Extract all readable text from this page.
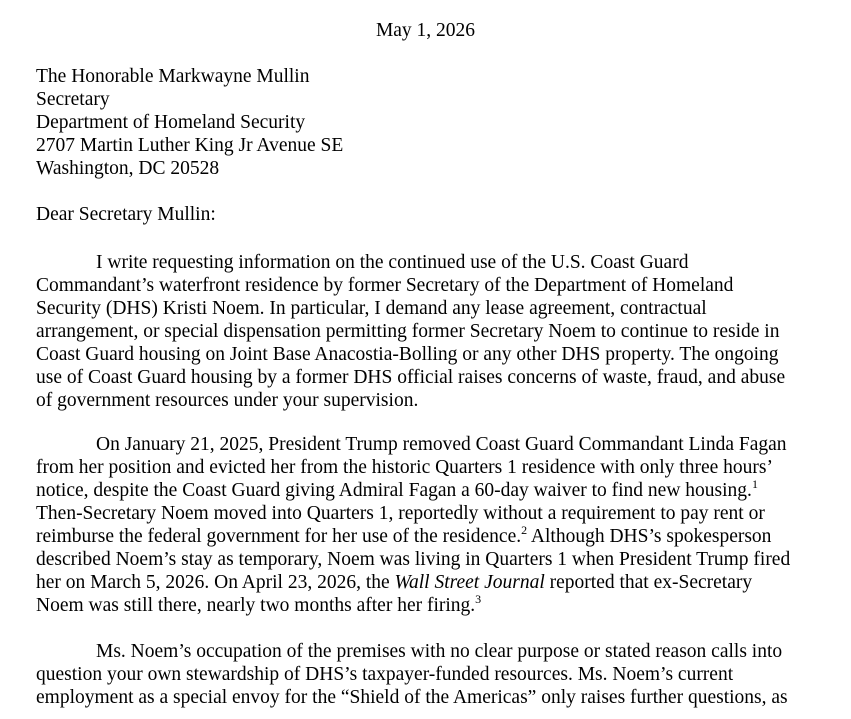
May 1, 2026
The Honorable Markwayne Mullin
Secretary
Department of Homeland Security
2707 Martin Luther King Jr Avenue SE
Washington, DC 20528
Dear Secretary Mullin:
I write requesting information on the continued use of the U.S. Coast Guard
Commandant’s waterfront residence by former Secretary of the Department of Homeland
Security (DHS) Kristi Noem. In particular, I demand any lease agreement, contractual
arrangement, or special dispensation permitting former Secretary Noem to continue to reside in
Coast Guard housing on Joint Base Anacostia-Bolling or any other DHS property. The ongoing
use of Coast Guard housing by a former DHS official raises concerns of waste, fraud, and abuse
of government resources under your supervision.
On January 21, 2025, President Trump removed Coast Guard Commandant Linda Fagan
from her position and evicted her from the historic Quarters 1 residence with only three hours’
notice, despite the Coast Guard giving Admiral Fagan a 60-day waiver to find new housing.$^1$
Then-Secretary Noem moved into Quarters 1, reportedly without a requirement to pay rent or
reimburse the federal government for her use of the residence.$^2$ Although DHS’s spokesperson
described Noem’s stay as temporary, Noem was living in Quarters 1 when President Trump fired
her on March 5, 2026. On April 23, 2026, the Wall Street Journal reported that ex-Secretary
Noem was still there, nearly two months after her firing.$^3$
Ms. Noem’s occupation of the premises with no clear purpose or stated reason calls into
question your own stewardship of DHS’s taxpayer-funded resources. Ms. Noem’s current
employment as a special envoy for the “Shield of the Americas” only raises further questions, as
